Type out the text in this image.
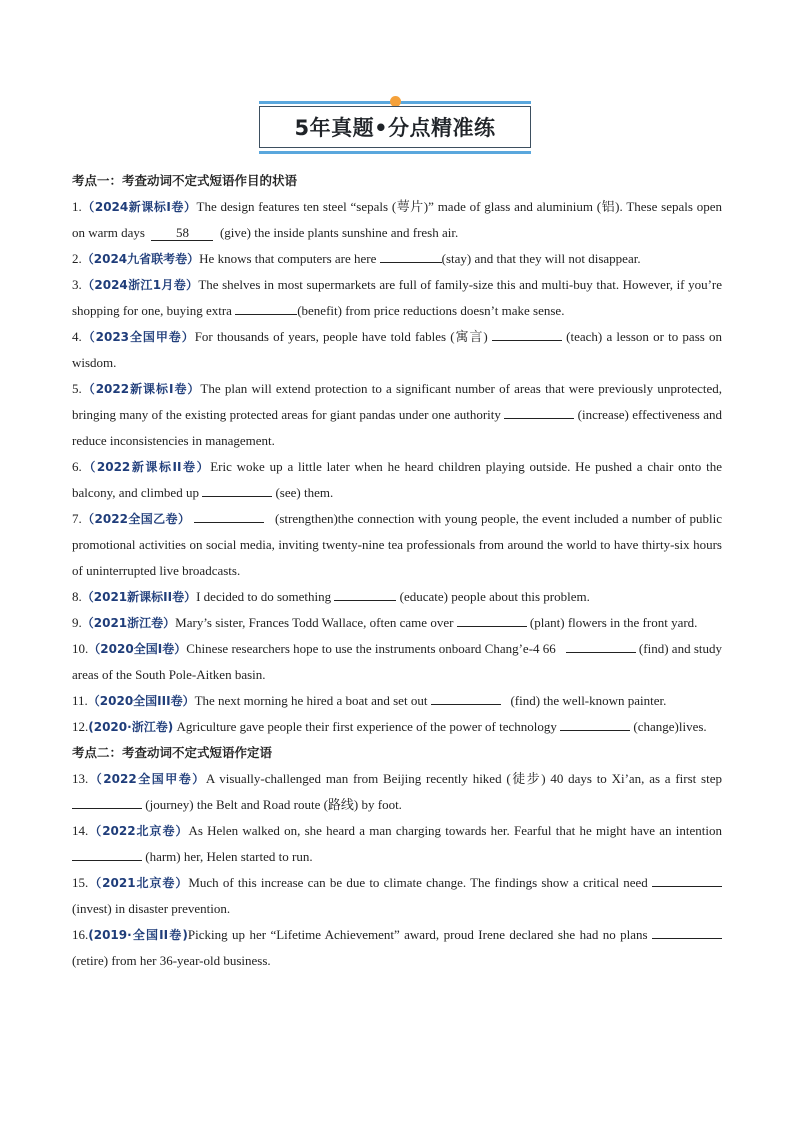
5年真题•分点精准练
考点一：考查动词不定式短语作目的状语
1.（2024新课标I卷）The design features ten steel “sepals (萼片)” made of glass and aluminium (铝). These sepals open on warm days 58 (give) the inside plants sunshine and fresh air.
2.（2024九省联考卷）He knows that computers are here	(stay) and that they will not disappear.
3.（2024浙江1月卷）The shelves in most supermarkets are full of family-size this and multi-buy that. However, if you’re shopping for one, buying extra	(benefit) from price reductions doesn’t make sense.
4.（2023全国甲卷）For thousands of years, people have told fables (寓言)	(teach) a lesson or to pass on wisdom.
5.（2022新课标I卷）The plan will extend protection to a significant number of areas that were previously unprotected, bringing many of the existing protected areas for giant pandas under one authority	(increase) effectiveness and reduce inconsistencies in management.
6.（2022新课标II卷）Eric woke up a little later when he heard children playing outside. He pushed a chair onto the balcony, and climbed up	(see) them.
7.（2022全国乙卷）	(strengthen)the connection with young people, the event included a number of public promotional activities on social media, inviting twenty-nine tea professionals from around the world to have thirty-six hours of uninterrupted live broadcasts.
8.（2021新课标II卷）I decided to do something	(educate) people about this problem.
9.（2021浙江卷）Mary’s sister, Frances Todd Wallace, often came over	(plant) flowers in the front yard.
10.（2020全国I卷）Chinese researchers hope to use the instruments onboard Chang’e-4 66	(find) and study areas of the South Pole-Aitken basin.
11.（2020全国III卷）The next morning he hired a boat and set out	(find) the well-known painter.
12.(2020·浙江卷) Agriculture gave people their first experience of the power of technology	(change)lives.
考点二：考查动词不定式短语作定语
13.（2022全国甲卷）A visually-challenged man from Beijing recently hiked (徒步) 40 days to Xi’an, as a first step  (journey) the Belt and Road route (路线) by foot.
14.（2022北京卷）As Helen walked on, she heard a man charging towards her. Fearful that he might have an intention  (harm) her, Helen started to run.
15.（2021北京卷）Much of this increase can be due to climate change. The findings show a critical need  (invest) in disaster prevention.
16.(2019·全国II卷)Picking up her “Lifetime Achievement” award, proud Irene declared she had no plans (retire) from her 36-year-old business.
